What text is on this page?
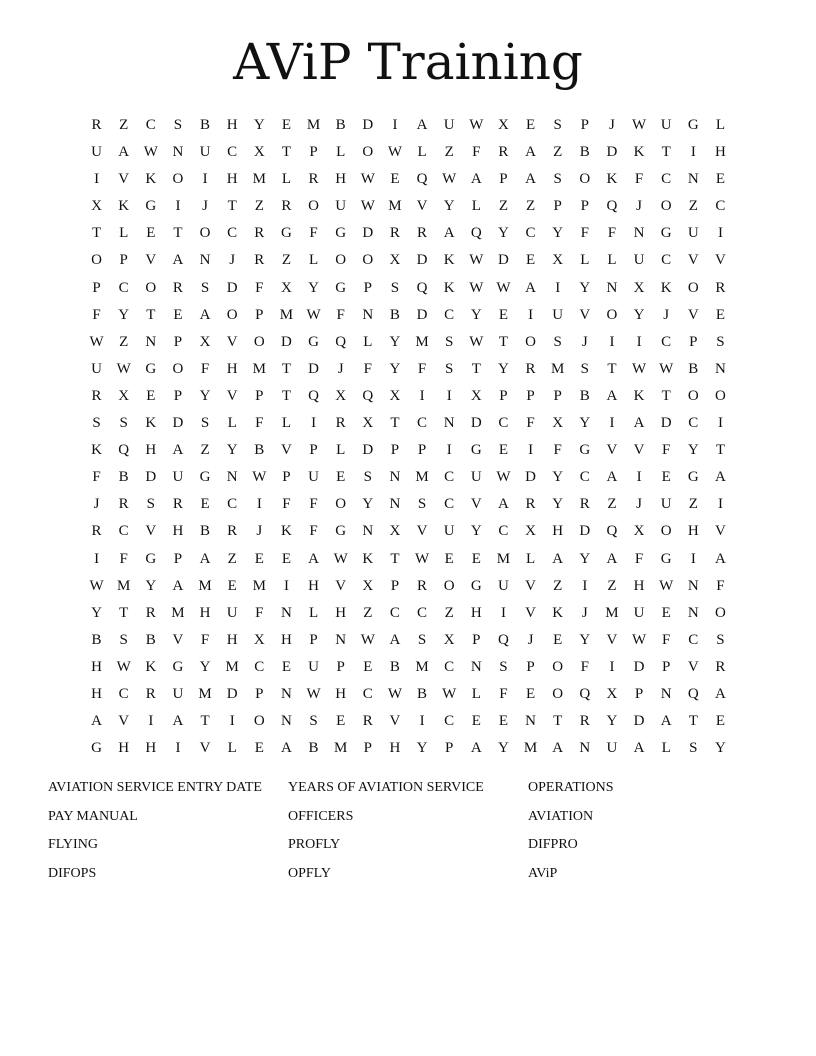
AViP Training
R Z C S B H Y E M B D I A U W X E S P J W U G L
U A W N U C X T P L O W L Z F R A Z B D K T I H
I V K O I H M L R H W E Q W A P A S O K F C N E
X K G I J T Z R O U W M V Y L Z Z P P Q J O Z C
T L E T O C R G F G D R R A Q Y C Y F F N G U I
O P V A N J R Z L O O X D K W D E X L L U C V V
P C O R S D F X Y G P S Q K W W A I Y N X K O R
F Y T E A O P M W F N B D C Y E I U V O Y J V E
W Z N P X V O D G Q L Y M S W T O S J I I C P S
U W G O F H M T D J F Y F S T Y R M S T W W B N
R X E P Y V P T Q X Q X I I X P P P B A K T O O
S S K D S L F L I R X T C N D C F X Y I A D C I
K Q H A Z Y B V P L D P P I G E I F G V V F Y T
F B D U G N W P U E S N M C U W D Y C A I E G A
J R S R E C I F F O Y N S C V A R Y R Z J U Z I
R C V H B R J K F G N X V U Y C X H D Q X O H V
I F G P A Z E E A W K T W E E M L A Y A F G I A
W M Y A M E M I H V X P R O G U V Z I Z H W N F
Y T R M H U F N L H Z C C Z H I V K J M U E N O
B S B V F H X H P N W A S X P Q J E Y V W F C S
H W K G Y M C E U P E B M C N S P O F I D P V R
H C R U M D P N W H C W B W L F E O Q X P N Q A
A V I A T I O N S E R V I C E E N T R Y D A T E
G H H I V L E A B M P H Y P A Y M A N U A L S Y
AVIATION SERVICE ENTRY DATE	YEARS OF AVIATION SERVICE	OPERATIONS
PAY MANUAL	OFFICERS	AVIATION
FLYING	PROFLY	DIFPRO
DIFOPS	OPFLY	AViP
